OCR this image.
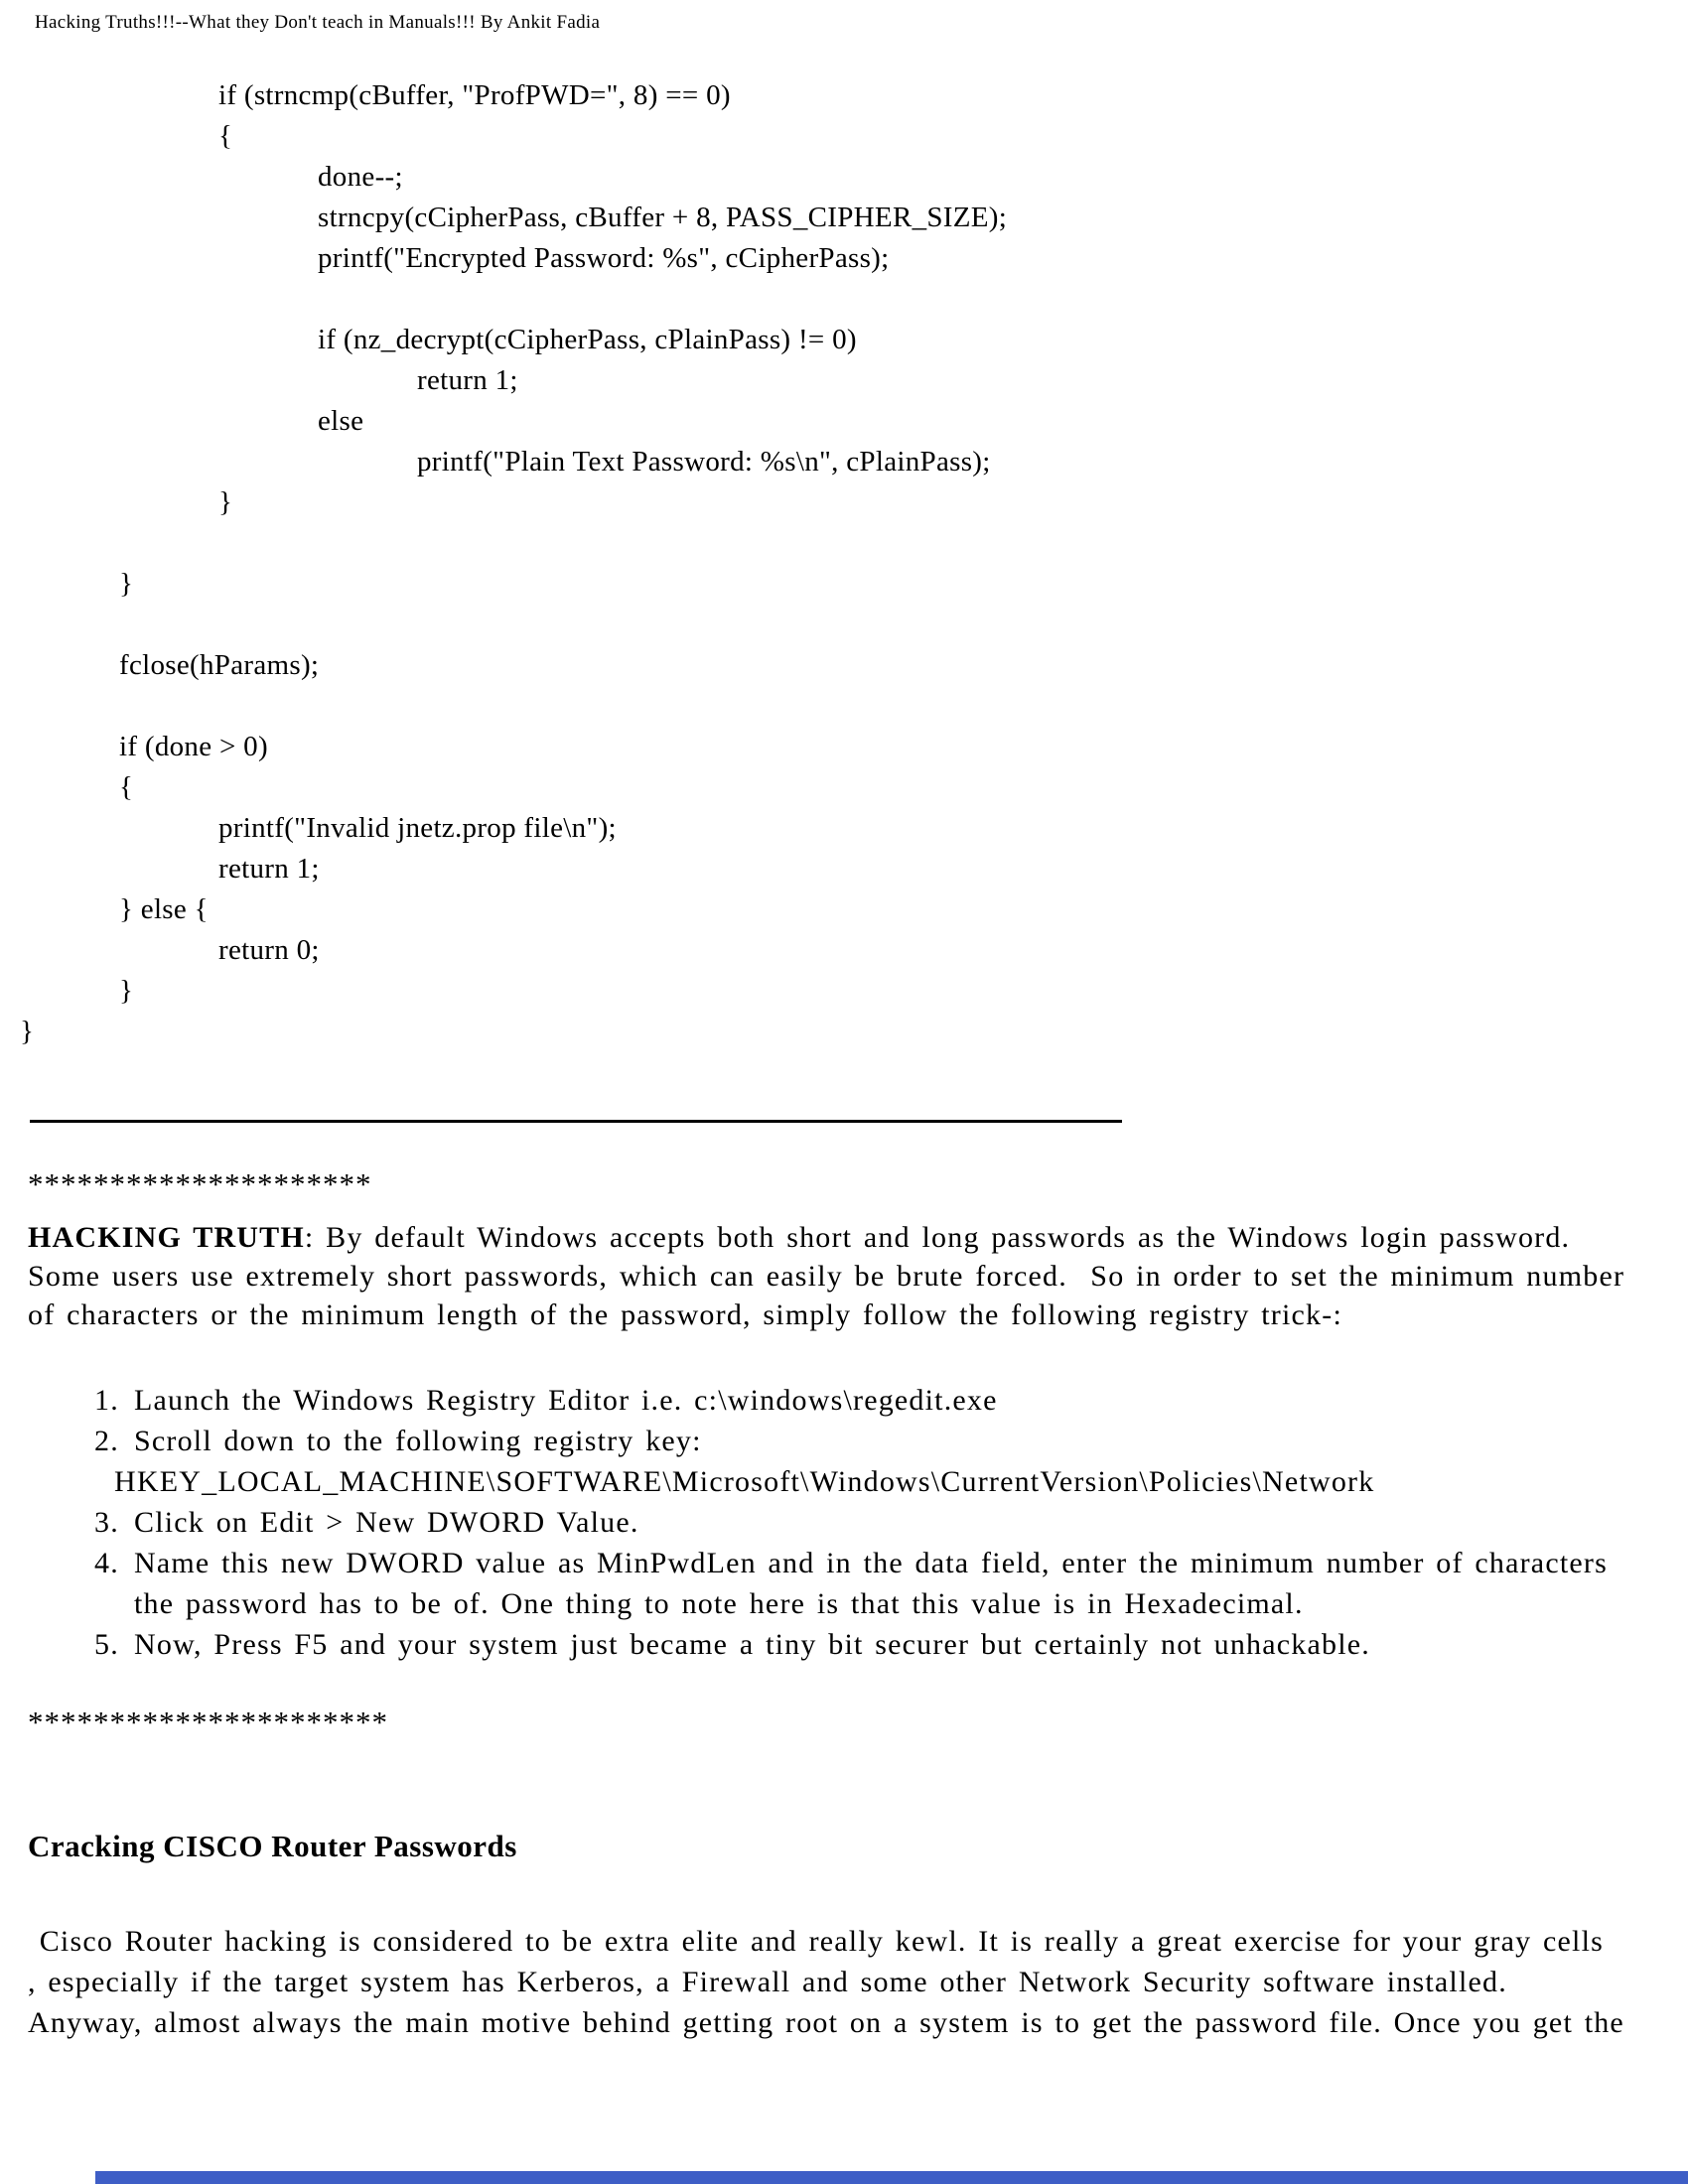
Hacking Truths!!!--What they Don't teach in Manuals!!! By Ankit Fadia
if (strncmp(cBuffer, "ProfPWD=", 8) == 0)
{
done--;
strncpy(cCipherPass, cBuffer + 8, PASS_CIPHER_SIZE);
printf("Encrypted Password: %s", cCipherPass);
if (nz_decrypt(cCipherPass, cPlainPass) != 0)
return 1;
else
printf("Plain Text Password: %s\n", cPlainPass);
}
}
fclose(hParams);
if (done > 0)
{
printf("Invalid jnetz.prop file\n");
return 1;
} else {
return 0;
}
}
*********************
HACKING TRUTH: By default Windows accepts both short and long passwords as the Windows login password.
Some users use extremely short passwords, which can easily be brute forced.  So in order to set the minimum number
of characters or the minimum length of the password, simply follow the following registry trick-:
1. Launch the Windows Registry Editor i.e. c:\windows\regedit.exe
2. Scroll down to the following registry key:
HKEY_LOCAL_MACHINE\SOFTWARE\Microsoft\Windows\CurrentVersion\Policies\Network
3. Click on Edit > New DWORD Value.
4. Name this new DWORD value as MinPwdLen and in the data field, enter the minimum number of characters
the password has to be of. One thing to note here is that this value is in Hexadecimal.
5. Now, Press F5 and your system just became a tiny bit securer but certainly not unhackable.
**********************
Cracking CISCO Router Passwords
Cisco Router hacking is considered to be extra elite and really kewl. It is really a great exercise for your gray cells
, especially if the target system has Kerberos, a Firewall and some other Network Security software installed.
Anyway, almost always the main motive behind getting root on a system is to get the password file. Once you get the
